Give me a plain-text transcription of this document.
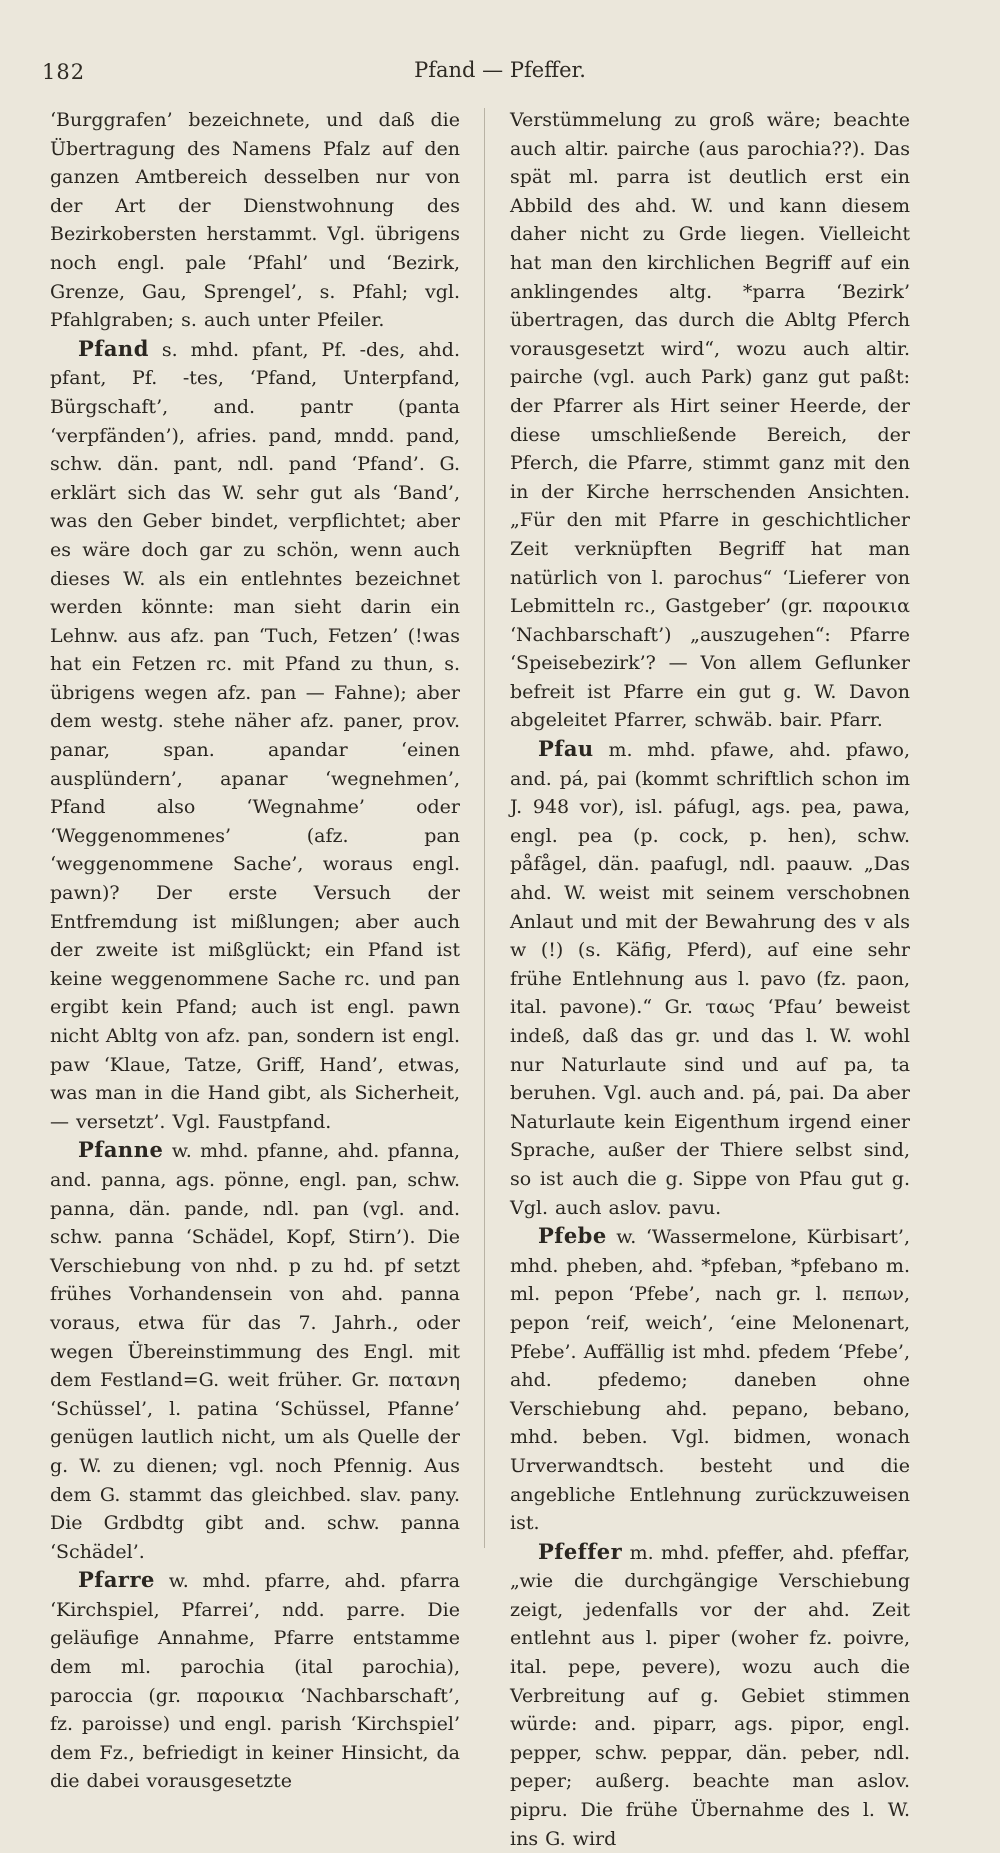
182	Pfand — Pfeffer.

‘Burggrafen’ bezeichnete, und daß die Übertragung des Namens Pfalz auf den ganzen Amtbereich desselben nur von der Art der Dienstwohnung des Bezirkobersten herstammt. Vgl. übrigens noch engl. pale ‘Pfahl’ und ‘Bezirk, Grenze, Gau, Sprengel’, s. Pfahl; vgl. Pfahlgraben; s. auch unter Pfeiler.

Pfand s. mhd. pfant, Pf. -des, ahd. pfant, Pf. -tes, ‘Pfand, Unterpfand, Bürgschaft’, and. pantr (panta ‘verpfänden’), afries. pand, mndd. pand, schw. dän. pant, ndl. pand ‘Pfand’. G. erklärt sich das W. sehr gut als ‘Band’, was den Geber bindet, verpflichtet; aber es wäre doch gar zu schön, wenn auch dieses W. als ein entlehntes bezeichnet werden könnte: man sieht darin ein Lehnw. aus afz. pan ‘Tuch, Fetzen’ (!was hat ein Fetzen rc. mit Pfand zu thun, s. übrigens wegen afz. pan — Fahne); aber dem westg. stehe näher afz. paner, prov. panar, span. apandar ‘einen ausplündern’, apanar ‘wegnehmen’, Pfand also ‘Wegnahme’ oder ‘Weggenommenes’ (afz. pan ‘weggenommene Sache’, woraus engl. pawn)? Der erste Versuch der Entfremdung ist mißlungen; aber auch der zweite ist mißglückt; ein Pfand ist keine weggenommene Sache rc. und pan ergibt kein Pfand; auch ist engl. pawn nicht Abltg von afz. pan, sondern ist engl. paw ‘Klaue, Tatze, Griff, Hand’, etwas, was man in die Hand gibt, als Sicherheit, — versetzt’. Vgl. Faustpfand.

Pfanne w. mhd. pfanne, ahd. pfanna, and. panna, ags. pönne, engl. pan, schw. panna, dän. pande, ndl. pan (vgl. and. schw. panna ‘Schädel, Kopf, Stirn’). Die Verschiebung von nhd. p zu hd. pf setzt frühes Vorhandensein von ahd. panna voraus, etwa für das 7. Jahrh., oder wegen Übereinstimmung des Engl. mit dem Festland=G. weit früher. Gr. πατανη ‘Schüssel’, l. patina ‘Schüssel, Pfanne’ genügen lautlich nicht, um als Quelle der g. W. zu dienen; vgl. noch Pfennig. Aus dem G. stammt das gleichbed. slav. pany. Die Grdbdtg gibt and. schw. panna ‘Schädel’.

Pfarre w. mhd. pfarre, ahd. pfarra ‘Kirchspiel, Pfarrei’, ndd. parre. Die geläufige Annahme, Pfarre entstamme dem ml. parochia (ital parochia), paroccia (gr. παροικια ‘Nachbarschaft’, fz. paroisse) und engl. parish ‘Kirchspiel’ dem Fz., befriedigt in keiner Hinsicht, da die dabei vorausgesetzte

Verstümmelung zu groß wäre; beachte auch altir. pairche (aus parochia??). Das spät ml. parra ist deutlich erst ein Abbild des ahd. W. und kann diesem daher nicht zu Grde liegen. Vielleicht hat man den kirchlichen Begriff auf ein anklingendes altg. *parra ‘Bezirk’ übertragen, das durch die Abltg Pferch vorausgesetzt wird“, wozu auch altir. pairche (vgl. auch Park) ganz gut paßt: der Pfarrer als Hirt seiner Heerde, der diese umschließende Bereich, der Pferch, die Pfarre, stimmt ganz mit den in der Kirche herrschenden Ansichten. „Für den mit Pfarre in geschichtlicher Zeit verknüpften Begriff hat man natürlich von l. parochus“ ‘Lieferer von Lebmitteln rc., Gastgeber’ (gr. παροικια ‘Nachbarschaft’) „auszugehen“: Pfarre ‘Speisebezirk’? — Von allem Geflunker befreit ist Pfarre ein gut g. W. Davon abgeleitet Pfarrer, schwäb. bair. Pfarr.

Pfau m. mhd. pfawe, ahd. pfawo, and. pá, pai (kommt schriftlich schon im J. 948 vor), isl. páfugl, ags. pea, pawa, engl. pea (p. cock, p. hen), schw. påfågel, dän. paafugl, ndl. paauw. „Das ahd. W. weist mit seinem verschobnen Anlaut und mit der Bewahrung des v als w (!) (s. Käfig, Pferd), auf eine sehr frühe Entlehnung aus l. pavo (fz. paon, ital. pavone).“ Gr. ταως ‘Pfau’ beweist indeß, daß das gr. und das l. W. wohl nur Naturlaute sind und auf pa, ta beruhen. Vgl. auch and. pá, pai. Da aber Naturlaute kein Eigenthum irgend einer Sprache, außer der Thiere selbst sind, so ist auch die g. Sippe von Pfau gut g. Vgl. auch aslov. pavu.

Pfebe w. ‘Wassermelone, Kürbisart’, mhd. pheben, ahd. *pfeban, *pfebano m. ml. pepon ‘Pfebe’, nach gr. l. πεπων, pepon ‘reif, weich’, ‘eine Melonenart, Pfebe’. Auffällig ist mhd. pfedem ‘Pfebe’, ahd. pfedemo; daneben ohne Verschiebung ahd. pepano, bebano, mhd. beben. Vgl. bidmen, wonach Urverwandtsch. besteht und die angebliche Entlehnung zurückzuweisen ist.

Pfeffer m. mhd. pfeffer, ahd. pfeffar, „wie die durchgängige Verschiebung zeigt, jedenfalls vor der ahd. Zeit entlehnt aus l. piper (woher fz. poivre, ital. pepe, pevere), wozu auch die Verbreitung auf g. Gebiet stimmen würde: and. piparr, ags. pipor, engl. pepper, schw. peppar, dän. peber, ndl. peper; außerg. beachte man aslov. pipru. Die frühe Übernahme des l. W. ins G. wird
